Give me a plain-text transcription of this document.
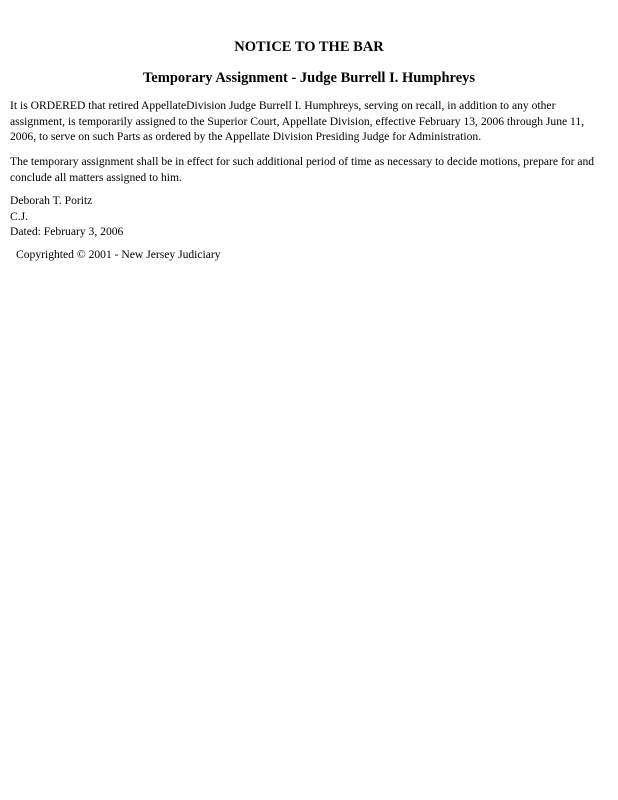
NOTICE TO THE BAR
Temporary Assignment - Judge Burrell I. Humphreys

It is ORDERED that retired AppellateDivision Judge Burrell I. Humphreys, serving on recall, in addition to any other assignment, is temporarily assigned to the Superior Court, Appellate Division, effective February 13, 2006 through June 11, 2006, to serve on such Parts as ordered by the Appellate Division Presiding Judge for Administration.

The temporary assignment shall be in effect for such additional period of time as necessary to decide motions, prepare for and conclude all matters assigned to him.

Deborah T. Poritz
C.J.
Dated: February 3, 2006
Copyrighted © 2001 - New Jersey Judiciary
